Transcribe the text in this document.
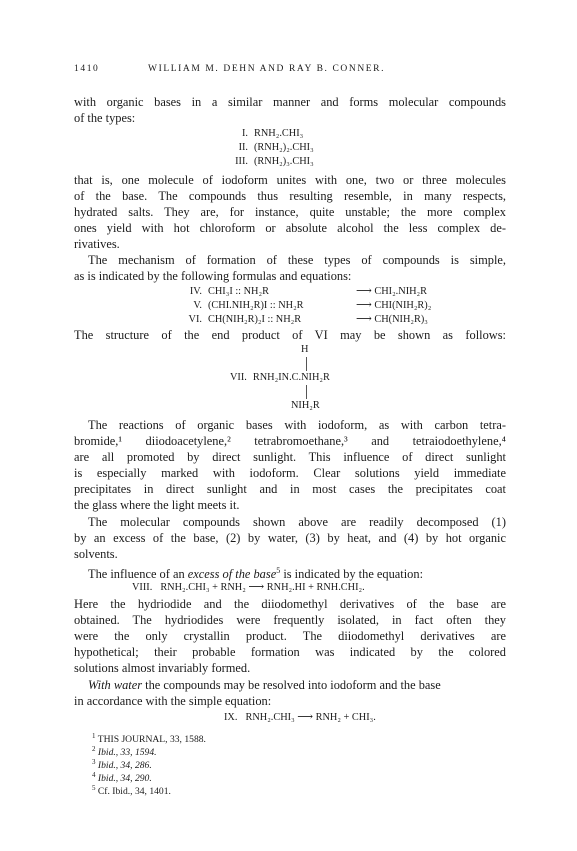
1410	WILLIAM M. DEHN AND RAY B. CONNER.
with organic bases in a similar manner and forms molecular compounds
of the types:
I. RNH₂.CHI₃
II. (RNH₂)₂.CHI₃
III. (RNH₂)₃.CHI₃
that is, one molecule of iodoform unites with one, two or three molecules
of the base. The compounds thus resulting resemble, in many respects,
hydrated salts. They are, for instance, quite unstable; the more complex
ones yield with hot chloroform or absolute alcohol the less complex de-
rivatives.
The mechanism of formation of these types of compounds is simple,
as is indicated by the following formulas and equations:
IV. CHI₃I :: NH₂R	⟶ CHI₂.NIH₂R
V. (CHI.NIH₂R)I :: NH₂R	⟶ CHI(NIH₂R)₂
VI. CH(NIH₂R)₂I :: NH₂R	⟶ CH(NIH₂R)₃
The structure of the end product of VI may be shown as follows:
H
VII. RNH₂IN.C.NIH₂R
NIH₂R
The reactions of organic bases with iodoform, as with carbon tetra-
bromide,¹ diiodoacetylene,² tetrabromoethane,³ and tetraiodoethylene,⁴
are all promoted by direct sunlight. This influence of direct sunlight
is especially marked with iodoform. Clear solutions yield immediate
precipitates in direct sunlight and in most cases the precipitates coat
the glass where the light meets it.
The molecular compounds shown above are readily decomposed (1)
by an excess of the base, (2) by water, (3) by heat, and (4) by hot organic
solvents.
The influence of an excess of the base$^5$ is indicated by the equation:
VIII. RNH₂.CHI₃ + RNH₂ ⟶ RNH₂.HI + RNH.CHI₂.
Here the hydriodide and the diiodomethyl derivatives of the base are
obtained. The hydriodides were frequently isolated, in fact often they
were the only crystallin product. The diiodomethyl derivatives are
hypothetical; their probable formation was indicated by the colored
solutions almost invariably formed.
With water the compounds may be resolved into iodoform and the base
in accordance with the simple equation:
IX. RNH₂.CHI₃ ⟶ RNH₂ + CHI₃.
$^1$ THIS JOURNAL, 33, 1588.
$^2$ Ibid., 33, 1594.
$^3$ Ibid., 34, 286.
$^4$ Ibid., 34, 290.
$^5$ Cf. Ibid., 34, 1401.
